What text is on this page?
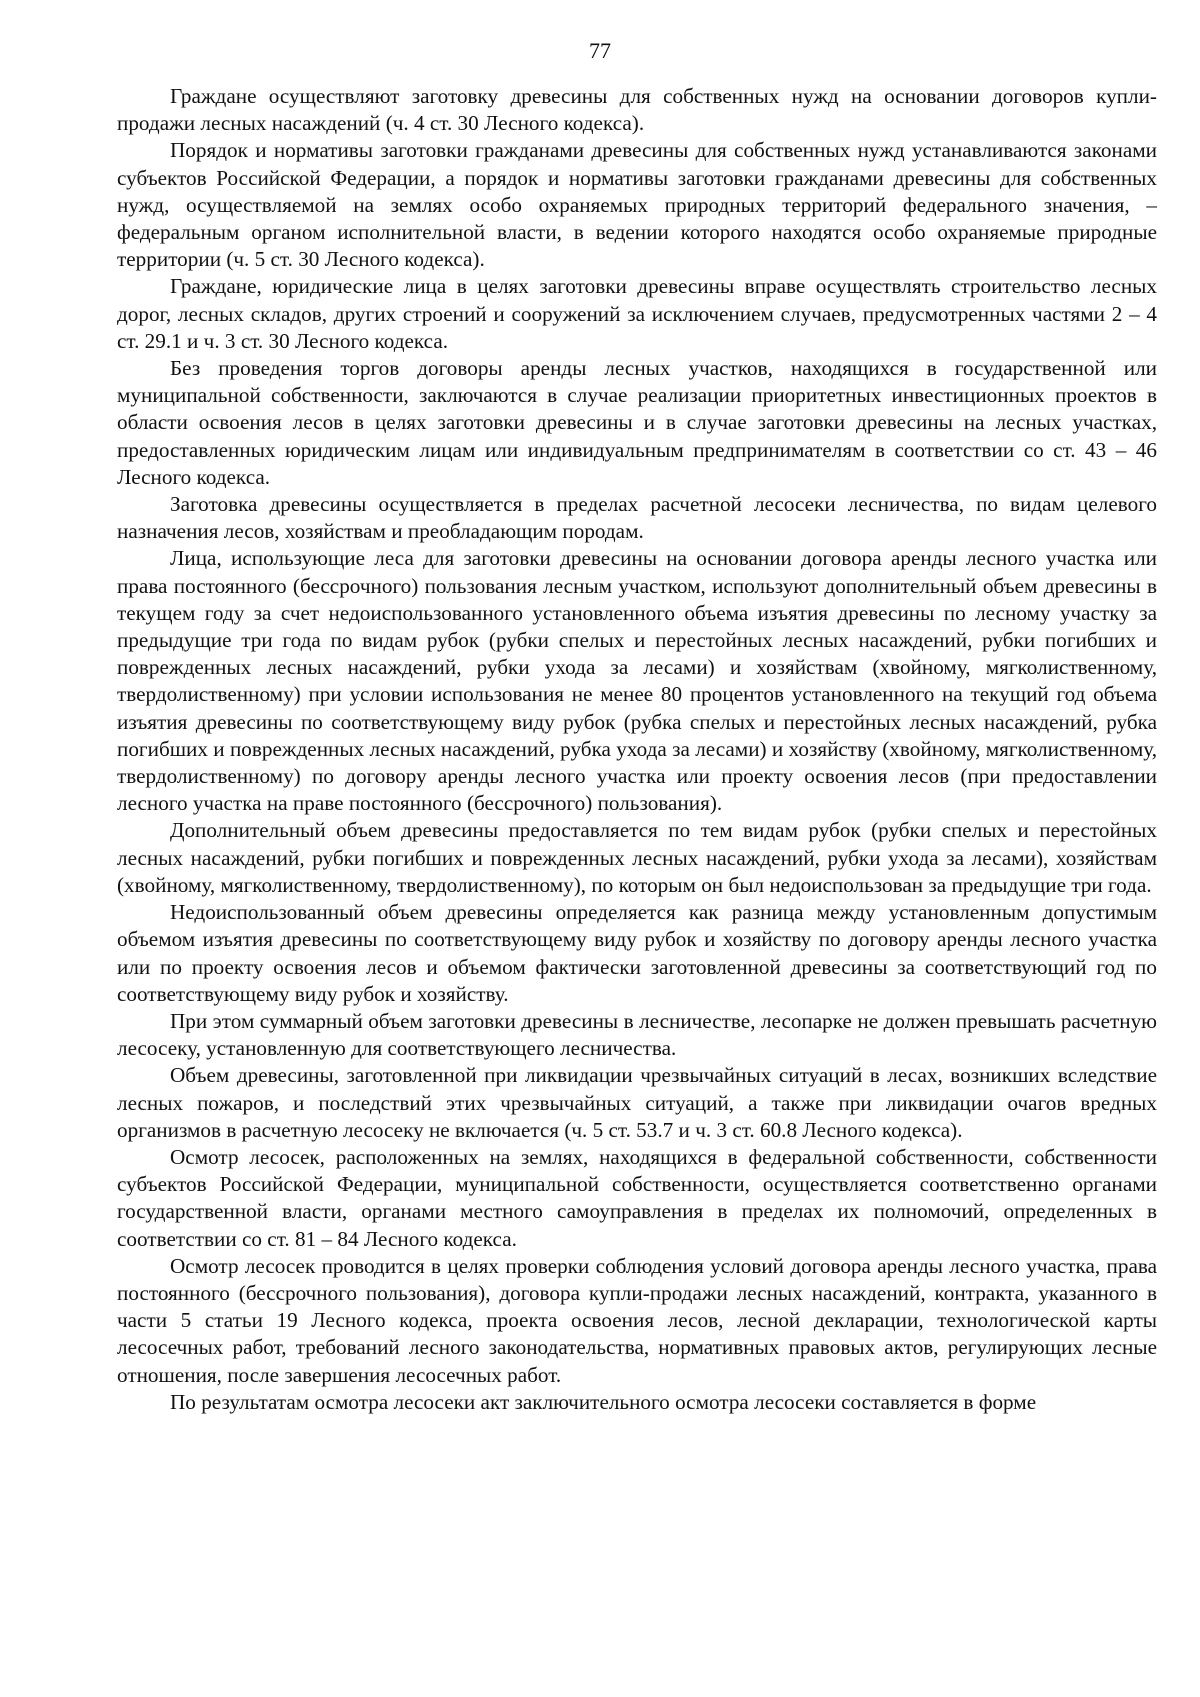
77

Граждане осуществляют заготовку древесины для собственных нужд на основании договоров купли-продажи лесных насаждений (ч. 4 ст. 30 Лесного кодекса).

Порядок и нормативы заготовки гражданами древесины для собственных нужд устанавливаются законами субъектов Российской Федерации, а порядок и нормативы заготовки гражданами древесины для собственных нужд, осуществляемой на землях особо охраняемых природных территорий федерального значения, – федеральным органом исполнительной власти, в ведении которого находятся особо охраняемые природные территории (ч. 5 ст. 30 Лесного кодекса).

Граждане, юридические лица в целях заготовки древесины вправе осуществлять строительство лесных дорог, лесных складов, других строений и сооружений за исключением случаев, предусмотренных частями 2 – 4 ст. 29.1 и ч. 3 ст. 30 Лесного кодекса.

Без проведения торгов договоры аренды лесных участков, находящихся в государственной или муниципальной собственности, заключаются в случае реализации приоритетных инвестиционных проектов в области освоения лесов в целях заготовки древесины и в случае заготовки древесины на лесных участках, предоставленных юридическим лицам или индивидуальным предпринимателям в соответствии со ст. 43 – 46 Лесного кодекса.

Заготовка древесины осуществляется в пределах расчетной лесосеки лесничества, по видам целевого назначения лесов, хозяйствам и преобладающим породам.

Лица, использующие леса для заготовки древесины на основании договора аренды лесного участка или права постоянного (бессрочного) пользования лесным участком, используют дополнительный объем древесины в текущем году за счет недоиспользованного установленного объема изъятия древесины по лесному участку за предыдущие три года по видам рубок (рубки спелых и перестойных лесных насаждений, рубки погибших и поврежденных лесных насаждений, рубки ухода за лесами) и хозяйствам (хвойному, мягколиственному, твердолиственному) при условии использования не менее 80 процентов установленного на текущий год объема изъятия древесины по соответствующему виду рубок (рубка спелых и перестойных лесных насаждений, рубка погибших и поврежденных лесных насаждений, рубка ухода за лесами) и хозяйству (хвойному, мягколиственному, твердолиственному) по договору аренды лесного участка или проекту освоения лесов (при предоставлении лесного участка на праве постоянного (бессрочного) пользования).

Дополнительный объем древесины предоставляется по тем видам рубок (рубки спелых и перестойных лесных насаждений, рубки погибших и поврежденных лесных насаждений, рубки ухода за лесами), хозяйствам (хвойному, мягколиственному, твердолиственному), по которым он был недоиспользован за предыдущие три года.

Недоиспользованный объем древесины определяется как разница между установленным допустимым объемом изъятия древесины по соответствующему виду рубок и хозяйству по договору аренды лесного участка или по проекту освоения лесов и объемом фактически заготовленной древесины за соответствующий год по соответствующему виду рубок и хозяйству.

При этом суммарный объем заготовки древесины в лесничестве, лесопарке не должен превышать расчетную лесосеку, установленную для соответствующего лесничества.

Объем древесины, заготовленной при ликвидации чрезвычайных ситуаций в лесах, возникших вследствие лесных пожаров, и последствий этих чрезвычайных ситуаций, а также при ликвидации очагов вредных организмов в расчетную лесосеку не включается (ч. 5 ст. 53.7 и ч. 3 ст. 60.8 Лесного кодекса).

Осмотр лесосек, расположенных на землях, находящихся в федеральной собственности, собственности субъектов Российской Федерации, муниципальной собственности, осуществляется соответственно органами государственной власти, органами местного самоуправления в пределах их полномочий, определенных в соответствии со ст. 81 – 84 Лесного кодекса.

Осмотр лесосек проводится в целях проверки соблюдения условий договора аренды лесного участка, права постоянного (бессрочного пользования), договора купли-продажи лесных насаждений, контракта, указанного в части 5 статьи 19 Лесного кодекса, проекта освоения лесов, лесной декларации, технологической карты лесосечных работ, требований лесного законодательства, нормативных правовых актов, регулирующих лесные отношения, после завершения лесосечных работ.

По результатам осмотра лесосеки акт заключительного осмотра лесосеки составляется в форме
